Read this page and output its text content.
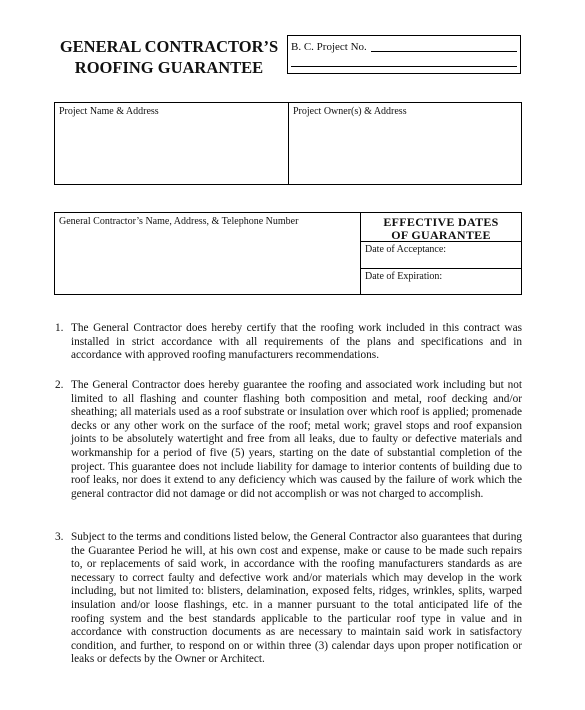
GENERAL CONTRACTOR’S
ROOFING GUARANTEE
B. C. Project No.
Project Name & Address	Project Owner(s) & Address
General Contractor’s Name, Address, & Telephone Number	EFFECTIVE DATES
OF GUARANTEE
Date of Acceptance:
Date of Expiration:
1. The General Contractor does hereby certify that the roofing work included in this contract was installed in strict accordance with all requirements of the plans and specifications and in accordance with approved roofing manufacturers recommendations.
2. The General Contractor does hereby guarantee the roofing and associated work including but not limited to all flashing and counter flashing both composition and metal, roof decking and/or sheathing; all materials used as a roof substrate or insulation over which roof is applied; promenade decks or any other work on the surface of the roof; metal work; gravel stops and roof expansion joints to be absolutely watertight and free from all leaks, due to faulty or defective materials and workmanship for a period of five (5) years, starting on the date of substantial completion of the project. This guarantee does not include liability for damage to interior contents of building due to roof leaks, nor does it extend to any deficiency which was caused by the failure of work which the general contractor did not damage or did not accomplish or was not charged to accomplish.
3. Subject to the terms and conditions listed below, the General Contractor also guarantees that during the Guarantee Period he will, at his own cost and expense, make or cause to be made such repairs to, or replacements of said work, in accordance with the roofing manufacturers standards as are necessary to correct faulty and defective work and/or materials which may develop in the work including, but not limited to: blisters, delamination, exposed felts, ridges, wrinkles, splits, warped insulation and/or loose flashings, etc. in a manner pursuant to the total anticipated life of the roofing system and the best standards applicable to the particular roof type in value and in accordance with construction documents as are necessary to maintain said work in satisfactory condition, and further, to respond on or within three (3) calendar days upon proper notification or leaks or defects by the Owner or Architect.
